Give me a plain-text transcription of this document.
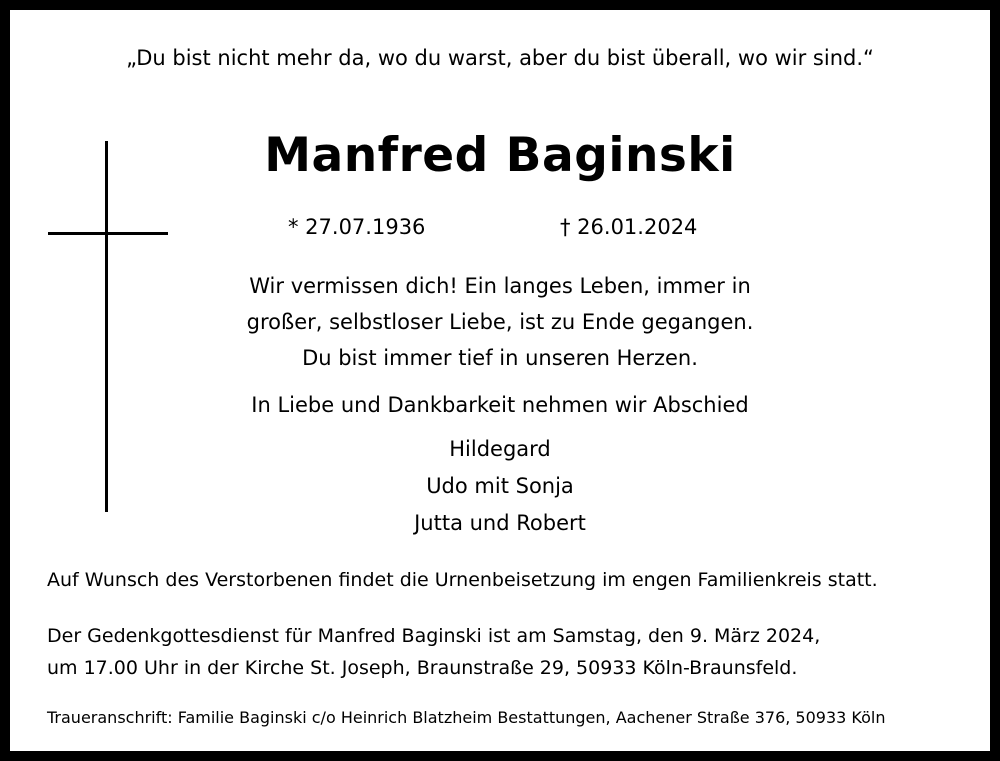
„Du bist nicht mehr da, wo du warst, aber du bist überall, wo wir sind.“
Manfred Baginski
* 27.07.1936	† 26.01.2024
Wir vermissen dich! Ein langes Leben, immer in
großer, selbstloser Liebe, ist zu Ende gegangen.
Du bist immer tief in unseren Herzen.
In Liebe und Dankbarkeit nehmen wir Abschied
Hildegard
Udo mit Sonja
Jutta und Robert
Auf Wunsch des Verstorbenen findet die Urnenbeisetzung im engen Familienkreis statt.
Der Gedenkgottesdienst für Manfred Baginski ist am Samstag, den 9. März 2024,
um 17.00 Uhr in der Kirche St. Joseph, Braunstraße 29, 50933 Köln-Braunsfeld.
Traueranschrift: Familie Baginski c/o Heinrich Blatzheim Bestattungen, Aachener Straße 376, 50933 Köln
